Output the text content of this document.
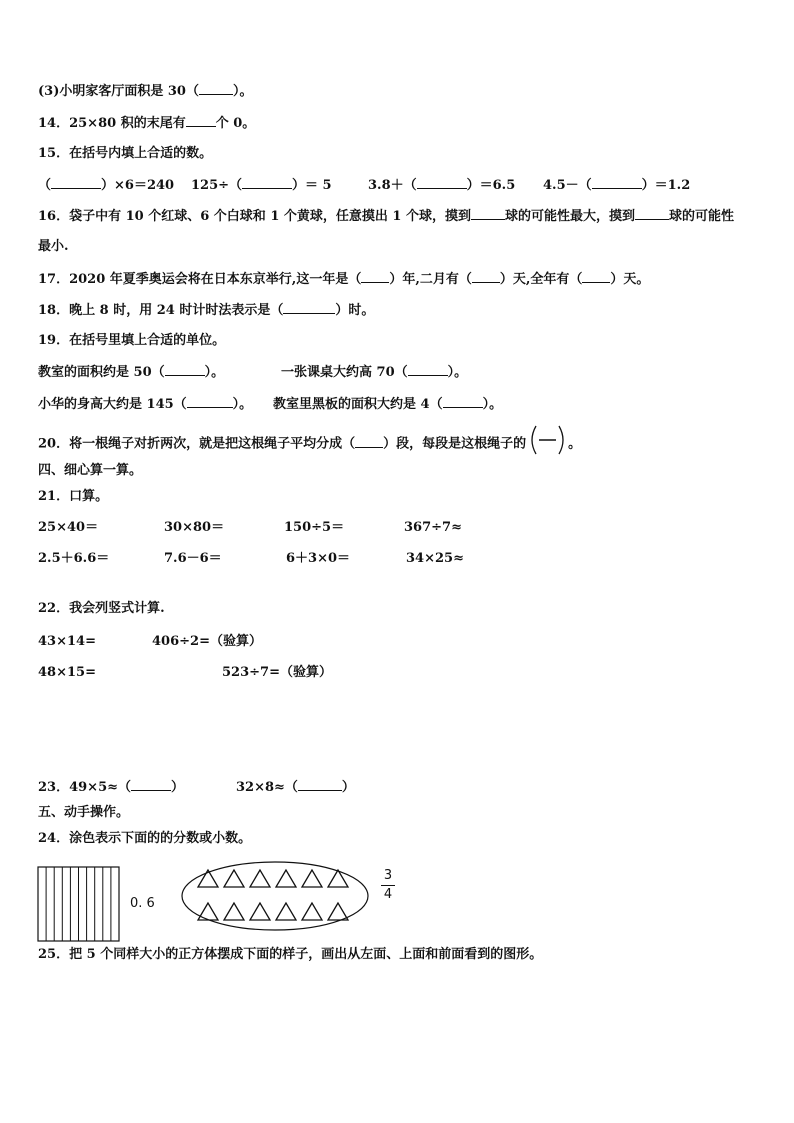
(3)小明家客厅面积是 30（	）。
14．25×80 积的末尾有 个 0。
15．在括号内填上合适的数。
（	）×6＝240 125÷（	）＝ 5	3.8＋（	）＝6.5 4.5－（	）＝1.2
16．袋子中有 10 个红球、6 个白球和 1 个黄球，任意摸出 1 个球，摸到	球的可能性最大，摸到	球的可能性
最小.
17．2020 年夏季奥运会将在日本东京举行,这一年是（ ）年,二月有（ ）天,全年有（ ）天。
18．晚上 8 时，用 24 时计时法表示是（	）时。
19．在括号里填上合适的单位。
教室的面积约是 50（	）。	一张课桌大约高 70（	）。
小华的身高大约是 145（	）。 教室里黑板的面积大约是 4（	）。
20．将一根绳子对折两次，就是把这根绳子平均分成（ ）段，每段是这根绳子的	。
四、细心算一算。
21．口算。
25×40＝	30×80＝	150÷5＝	367÷7≈
2.5＋6.6＝	7.6－6＝	6＋3×0＝	34×25≈
22．我会列竖式计算.
43×14=	406÷2=（验算）
48×15=	523÷7=（验算）
23．49×5≈（	）	32×8≈（	）
五、动手操作。
24．涂色表示下面的的分数或小数。
0. 6
3
4
25．把 5 个同样大小的正方体摆成下面的样子，画出从左面、上面和前面看到的图形。
